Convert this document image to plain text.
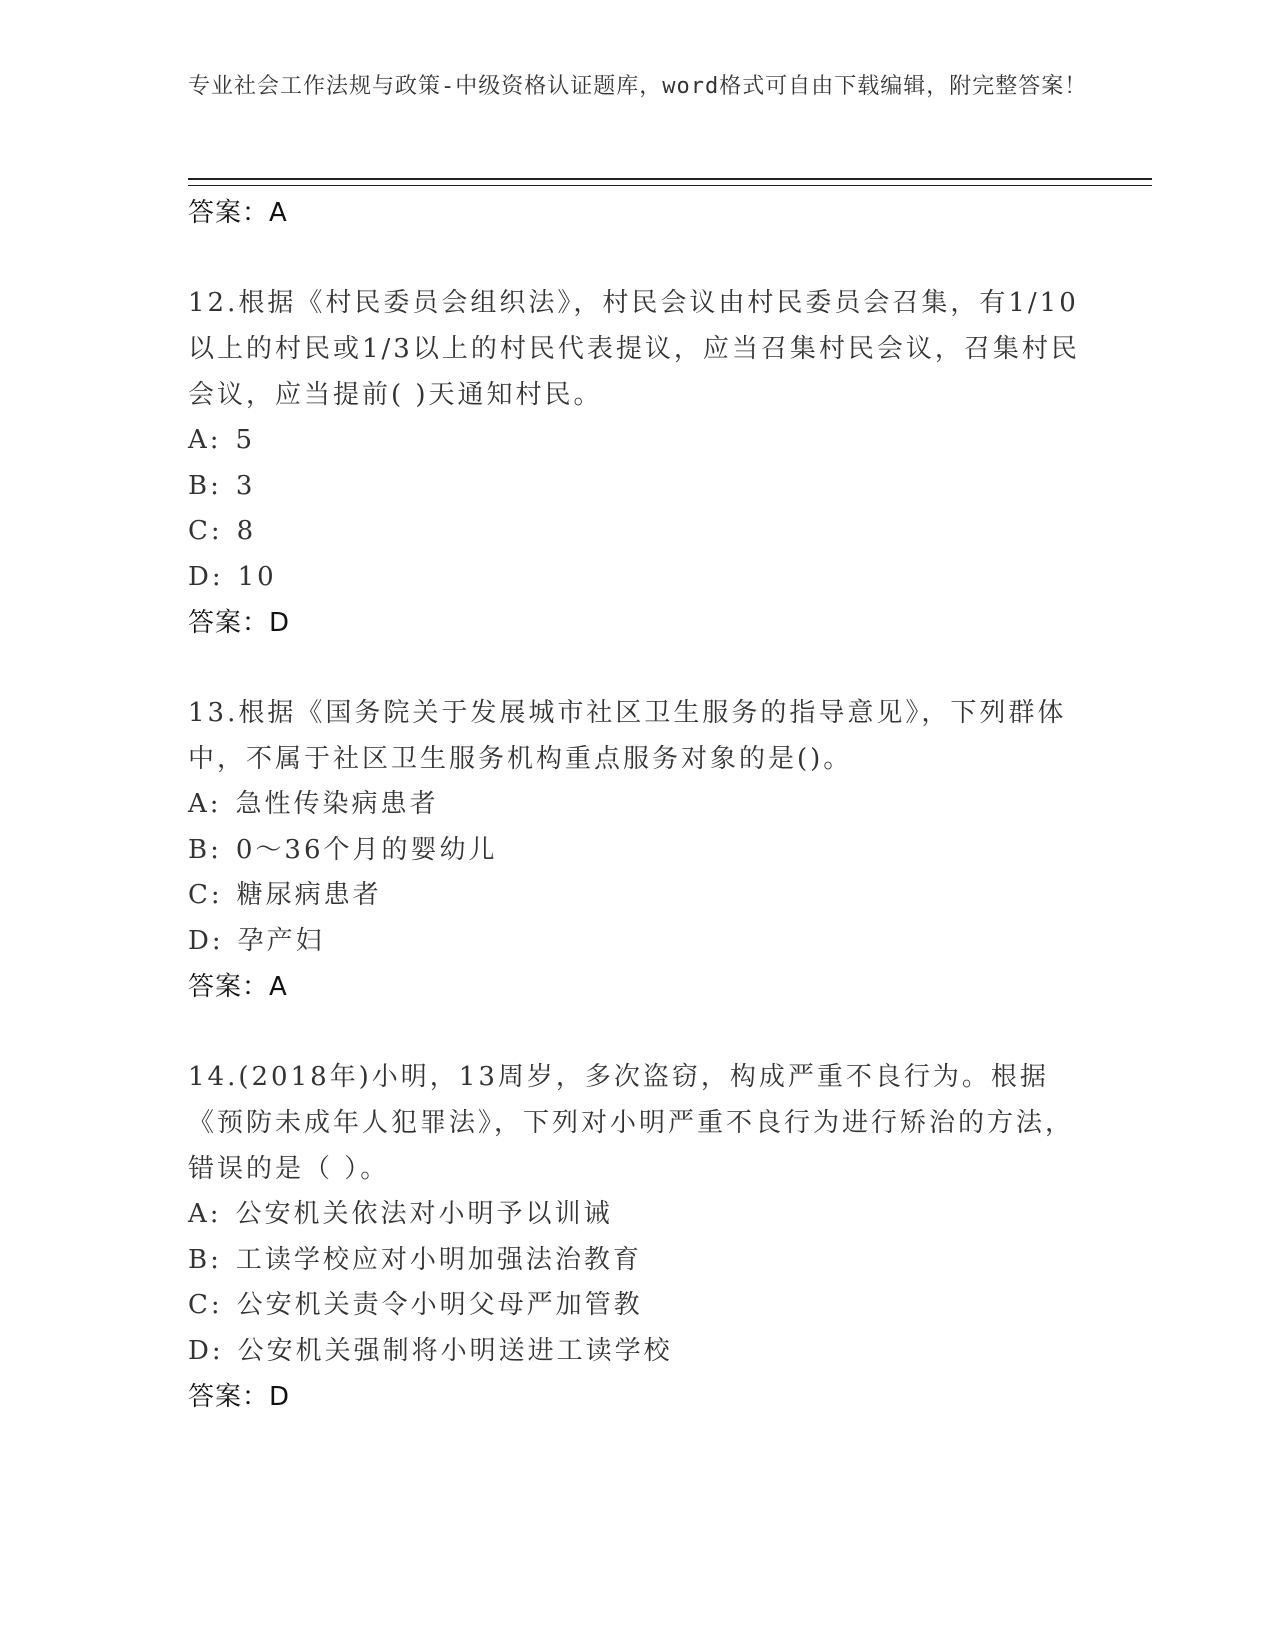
专业社会工作法规与政策-中级资格认证题库，word格式可自由下载编辑，附完整答案！
答案：A
12.根据《村民委员会组织法》，村民会议由村民委员会召集，有1/10以上的村民或1/3以上的村民代表提议，应当召集村民会议，召集村民会议，应当提前( )天通知村民。
A: 5
B: 3
C: 8
D: 10
答案：D
13.根据《国务院关于发展城市社区卫生服务的指导意见》，下列群体中，不属于社区卫生服务机构重点服务对象的是()。
A: 急性传染病患者
B: 0～36个月的婴幼儿
C: 糖尿病患者
D: 孕产妇
答案：A
14.(2018年)小明，13周岁，多次盗窃，构成严重不良行为。根据《预防未成年人犯罪法》，下列对小明严重不良行为进行矫治的方法，错误的是（ ）。
A: 公安机关依法对小明予以训诫
B: 工读学校应对小明加强法治教育
C: 公安机关责令小明父母严加管教
D: 公安机关强制将小明送进工读学校
答案：D
